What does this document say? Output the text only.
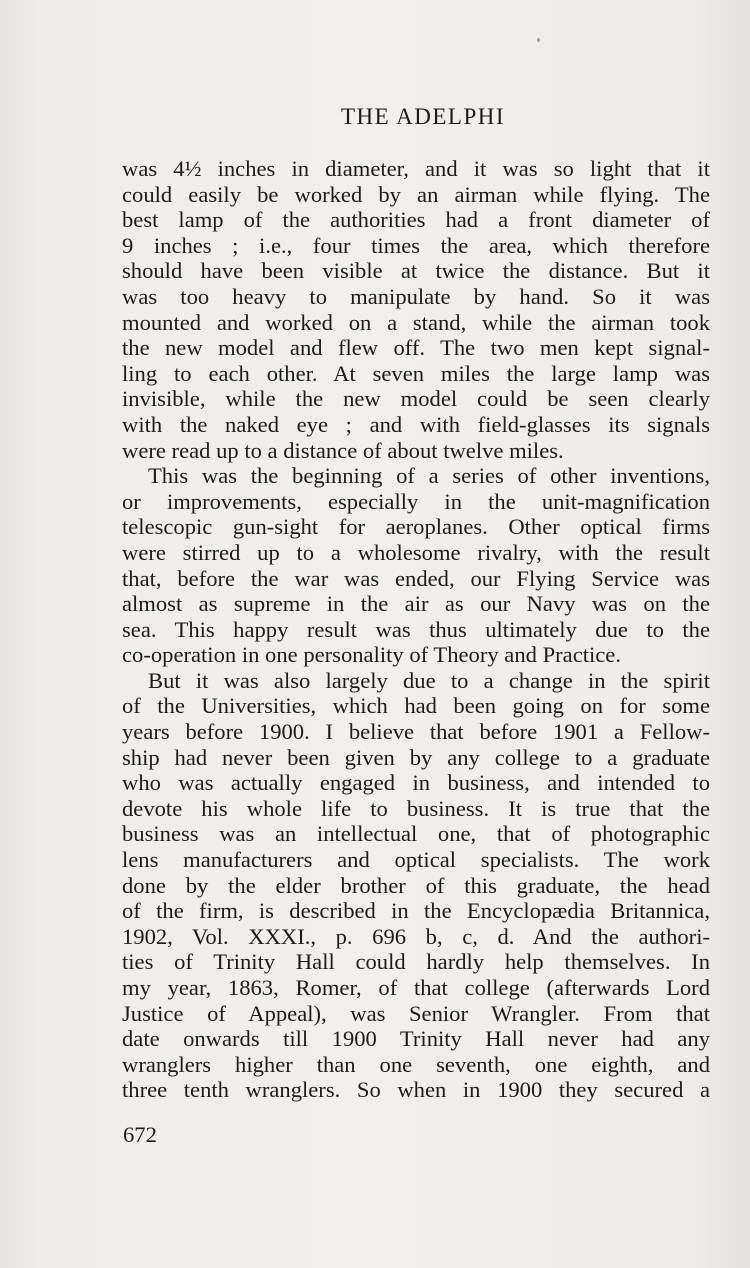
THE ADELPHI
was 4½ inches in diameter, and it was so light that it
could easily be worked by an airman while flying. The
best lamp of the authorities had a front diameter of
9 inches ; i.e., four times the area, which therefore
should have been visible at twice the distance. But it
was too heavy to manipulate by hand. So it was
mounted and worked on a stand, while the airman took
the new model and flew off. The two men kept signal-
ling to each other. At seven miles the large lamp was
invisible, while the new model could be seen clearly
with the naked eye ; and with field-glasses its signals
were read up to a distance of about twelve miles.
This was the beginning of a series of other inventions,
or improvements, especially in the unit-magnification
telescopic gun-sight for aeroplanes. Other optical firms
were stirred up to a wholesome rivalry, with the result
that, before the war was ended, our Flying Service was
almost as supreme in the air as our Navy was on the
sea. This happy result was thus ultimately due to the
co-operation in one personality of Theory and Practice.
But it was also largely due to a change in the spirit
of the Universities, which had been going on for some
years before 1900. I believe that before 1901 a Fellow-
ship had never been given by any college to a graduate
who was actually engaged in business, and intended to
devote his whole life to business. It is true that the
business was an intellectual one, that of photographic
lens manufacturers and optical specialists. The work
done by the elder brother of this graduate, the head
of the firm, is described in the Encyclopædia Britannica,
1902, Vol. XXXI., p. 696 b, c, d. And the authori-
ties of Trinity Hall could hardly help themselves. In
my year, 1863, Romer, of that college (afterwards Lord
Justice of Appeal), was Senior Wrangler. From that
date onwards till 1900 Trinity Hall never had any
wranglers higher than one seventh, one eighth, and
three tenth wranglers. So when in 1900 they secured a
672
